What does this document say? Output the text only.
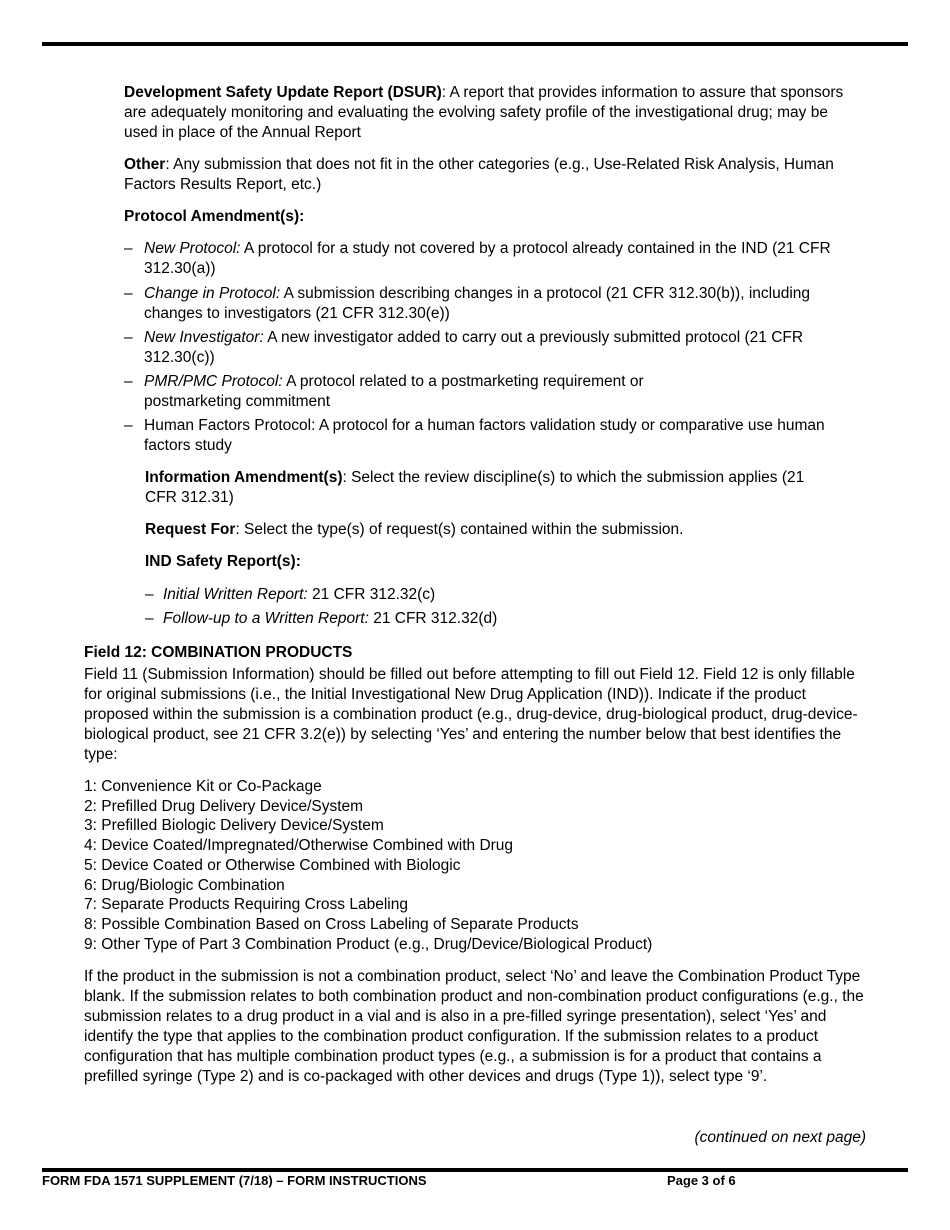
Development Safety Update Report (DSUR): A report that provides information to assure that sponsors are adequately monitoring and evaluating the evolving safety profile of the investigational drug; may be used in place of the Annual Report

Other: Any submission that does not fit in the other categories (e.g., Use-Related Risk Analysis, Human Factors Results Report, etc.)

Protocol Amendment(s):

– New Protocol: A protocol for a study not covered by a protocol already contained in the IND (21 CFR 312.30(a))
– Change in Protocol: A submission describing changes in a protocol (21 CFR 312.30(b)), including changes to investigators (21 CFR 312.30(e))
– New Investigator: A new investigator added to carry out a previously submitted protocol (21 CFR 312.30(c))
– PMR/PMC Protocol: A protocol related to a postmarketing requirement or postmarketing commitment
– Human Factors Protocol: A protocol for a human factors validation study or comparative use human factors study

Information Amendment(s): Select the review discipline(s) to which the submission applies (21 CFR 312.31)

Request For: Select the type(s) of request(s) contained within the submission.

IND Safety Report(s):

– Initial Written Report: 21 CFR 312.32(c)
– Follow-up to a Written Report: 21 CFR 312.32(d)

Field 12: COMBINATION PRODUCTS

Field 11 (Submission Information) should be filled out before attempting to fill out Field 12. Field 12 is only fillable for original submissions (i.e., the Initial Investigational New Drug Application (IND)). Indicate if the product proposed within the submission is a combination product (e.g., drug-device, drug-biological product, drug-device-biological product, see 21 CFR 3.2(e)) by selecting ‘Yes’ and entering the number below that best identifies the type:

1: Convenience Kit or Co-Package
2: Prefilled Drug Delivery Device/System
3: Prefilled Biologic Delivery Device/System
4: Device Coated/Impregnated/Otherwise Combined with Drug
5: Device Coated or Otherwise Combined with Biologic
6: Drug/Biologic Combination
7: Separate Products Requiring Cross Labeling
8: Possible Combination Based on Cross Labeling of Separate Products
9: Other Type of Part 3 Combination Product (e.g., Drug/Device/Biological Product)

If the product in the submission is not a combination product, select ‘No’ and leave the Combination Product Type blank. If the submission relates to both combination product and non-combination product configurations (e.g., the submission relates to a drug product in a vial and is also in a pre-filled syringe presentation), select ‘Yes’ and identify the type that applies to the combination product configuration. If the submission relates to a product configuration that has multiple combination product types (e.g., a submission is for a product that contains a prefilled syringe (Type 2) and is co-packaged with other devices and drugs (Type 1)), select type ‘9’.

(continued on next page)

FORM FDA 1571 SUPPLEMENT (7/18) – FORM INSTRUCTIONS	Page 3 of 6
